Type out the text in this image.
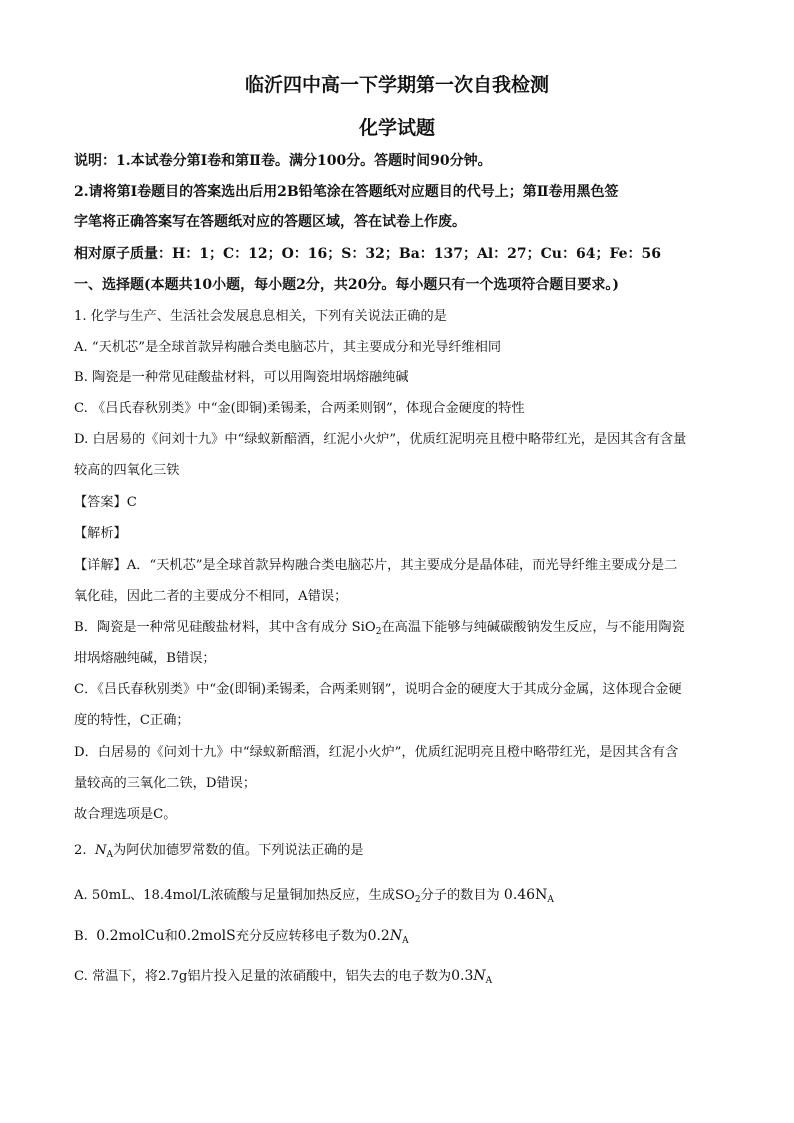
临沂四中高一下学期第一次自我检测
化学试题
说明：1.本试卷分第Ⅰ卷和第Ⅱ卷。满分100分。答题时间90分钟。
2.请将第Ⅰ卷题目的答案选出后用2B铅笔涂在答题纸对应题目的代号上；第Ⅱ卷用黑色签
字笔将正确答案写在答题纸对应的答题区域，答在试卷上作废。
相对原子质量：H：1；C：12；O：16；S：32；Ba：137；Al：27；Cu：64；Fe：56
一、选择题(本题共10小题，每小题2分，共20分。每小题只有一个选项符合题目要求。)
1. 化学与生产、生活社会发展息息相关，下列有关说法正确的是
A. “天机芯”是全球首款异构融合类电脑芯片，其主要成分和光导纤维相同
B. 陶瓷是一种常见硅酸盐材料，可以用陶瓷坩埚熔融纯碱
C. 《吕氏春秋别类》中“金(即铜)柔锡柔，合两柔则钢”，体现合金硬度的特性
D. 白居易的《问刘十九》中“绿蚁新醅酒，红泥小火炉”，优质红泥明亮且橙中略带红光，是因其含有含量
较高的四氧化三铁
【答案】C
【解析】
【详解】A．“天机芯”是全球首款异构融合类电脑芯片，其主要成分是晶体硅，而光导纤维主要成分是二
氧化硅，因此二者的主要成分不相同，A错误；
B．陶瓷是一种常见硅酸盐材料，其中含有成分 SiO$_2$在高温下能够与纯碱碳酸钠发生反应，与不能用陶瓷
坩埚熔融纯碱，B错误；
C．《吕氏春秋别类》中“金(即铜)柔锡柔，合两柔则钢”，说明合金的硬度大于其成分金属，这体现合金硬
度的特性，C正确；
D．白居易的《问刘十九》中“绿蚁新醅酒，红泥小火炉”，优质红泥明亮且橙中略带红光，是因其含有含
量较高的三氧化二铁，D错误；
故合理选项是C。
2. $N_A$为阿伏加德罗常数的值。下列说法正确的是
A. 50mL、18.4mol/L浓硫酸与足量铜加热反应，生成$SO_2$分子的数目为 $0.46N_A$
B. 0.2molCu和0.2molS充分反应转移电子数为$0.2N_A$
C. 常温下，将2.7g铝片投入足量的浓硝酸中，铝失去的电子数为$0.3N_A$
